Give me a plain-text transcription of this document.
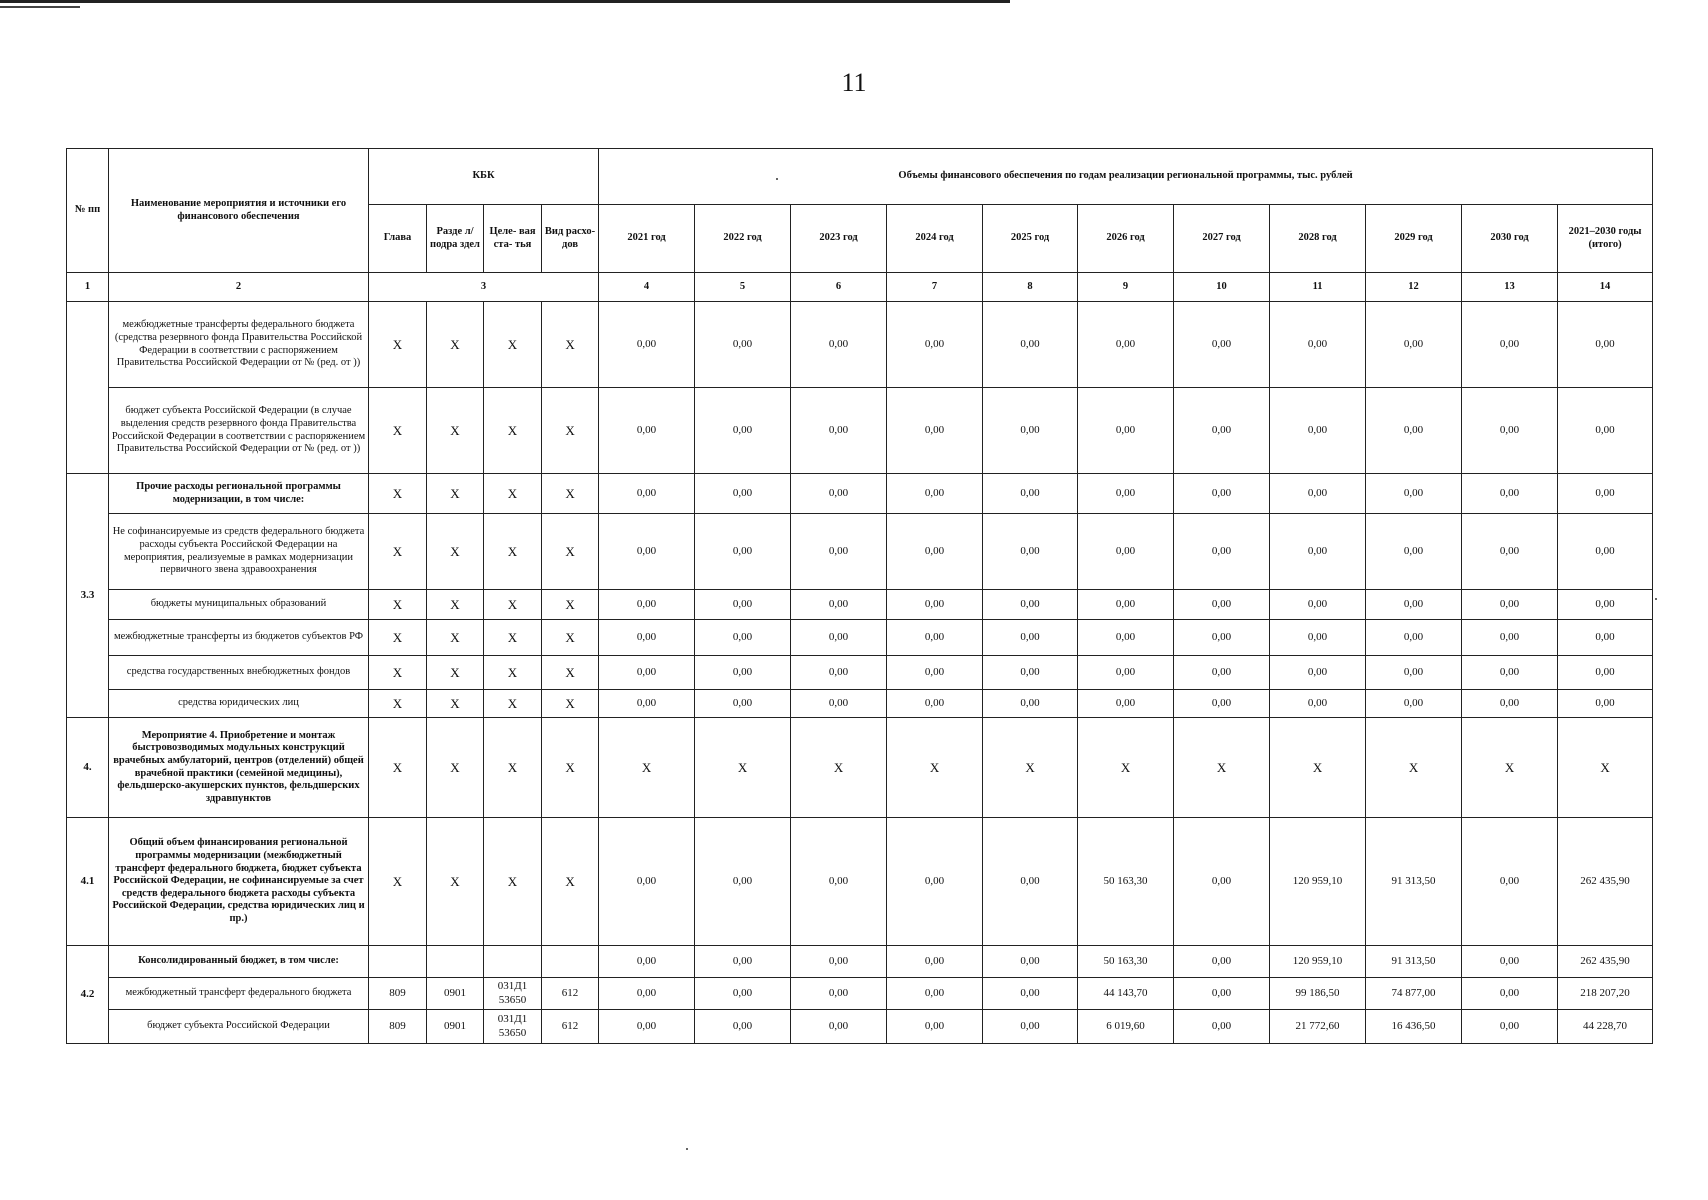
11
№ пп	Наименование мероприятия и источники его финансового обеспечения	КБК				Объемы финансового обеспечения по годам реализации региональной программы, тыс. рублей										
		Глава	Разде л/ подра здел	Целе- вая ста- тья	Вид расхо- дов	2021 год	2022 год	2023 год	2024 год	2025 год	2026 год	2027 год	2028 год	2029 год	2030 год	2021–2030 годы (итого)
1	2	3				4	5	6	7	8	9	10	11	12	13	14
	межбюджетные трансферты федерального бюджета (средства резервного фонда Правительства Российской Федерации в соответствии с распоряжением Правительства Российской Федерации от № (ред. от ))	X	X	X	X	0,00	0,00	0,00	0,00	0,00	0,00	0,00	0,00	0,00	0,00	0,00
	бюджет субъекта Российской Федерации (в случае выделения средств резервного фонда Правительства Российской Федерации в соответствии с распоряжением Правительства Российской Федерации от № (ред. от ))	X	X	X	X	0,00	0,00	0,00	0,00	0,00	0,00	0,00	0,00	0,00	0,00	0,00
3.3	Прочие расходы региональной программы модернизации, в том числе:	X	X	X	X	0,00	0,00	0,00	0,00	0,00	0,00	0,00	0,00	0,00	0,00	0,00
	Не софинансируемые из средств федерального бюджета расходы субъекта Российской Федерации на мероприятия, реализуемые в рамках модернизации первичного звена здравоохранения	X	X	X	X	0,00	0,00	0,00	0,00	0,00	0,00	0,00	0,00	0,00	0,00	0,00
	бюджеты муниципальных образований	X	X	X	X	0,00	0,00	0,00	0,00	0,00	0,00	0,00	0,00	0,00	0,00	0,00
	межбюджетные трансферты из бюджетов субъектов РФ	X	X	X	X	0,00	0,00	0,00	0,00	0,00	0,00	0,00	0,00	0,00	0,00	0,00
	средства государственных внебюджетных фондов	X	X	X	X	0,00	0,00	0,00	0,00	0,00	0,00	0,00	0,00	0,00	0,00	0,00
	средства юридических лиц	X	X	X	X	0,00	0,00	0,00	0,00	0,00	0,00	0,00	0,00	0,00	0,00	0,00
4.	Мероприятие 4. Приобретение и монтаж быстровозводимых модульных конструкций врачебных амбулаторий, центров (отделений) общей врачебной практики (семейной медицины), фельдшерско-акушерских пунктов, фельдшерских здравпунктов	X	X	X	X	X	X	X	X	X	X	X	X	X	X	X
4.1	Общий объем финансирования региональной программы модернизации (межбюджетный трансферт федерального бюджета, бюджет субъекта Российской Федерации, не софинансируемые за счет средств федерального бюджета расходы субъекта Российской Федерации, средства юридических лиц и пр.)	X	X	X	X	0,00	0,00	0,00	0,00	0,00	50 163,30	0,00	120 959,10	91 313,50	0,00	262 435,90
4.2	Консолидированный бюджет, в том числе:					0,00	0,00	0,00	0,00	0,00	50 163,30	0,00	120 959,10	91 313,50	0,00	262 435,90
	межбюджетный трансферт федерального бюджета	809	0901	031Д1 53650	612	0,00	0,00	0,00	0,00	0,00	44 143,70	0,00	99 186,50	74 877,00	0,00	218 207,20
	бюджет субъекта Российской Федерации	809	0901	031Д1 53650	612	0,00	0,00	0,00	0,00	0,00	6 019,60	0,00	21 772,60	16 436,50	0,00	44 228,70
